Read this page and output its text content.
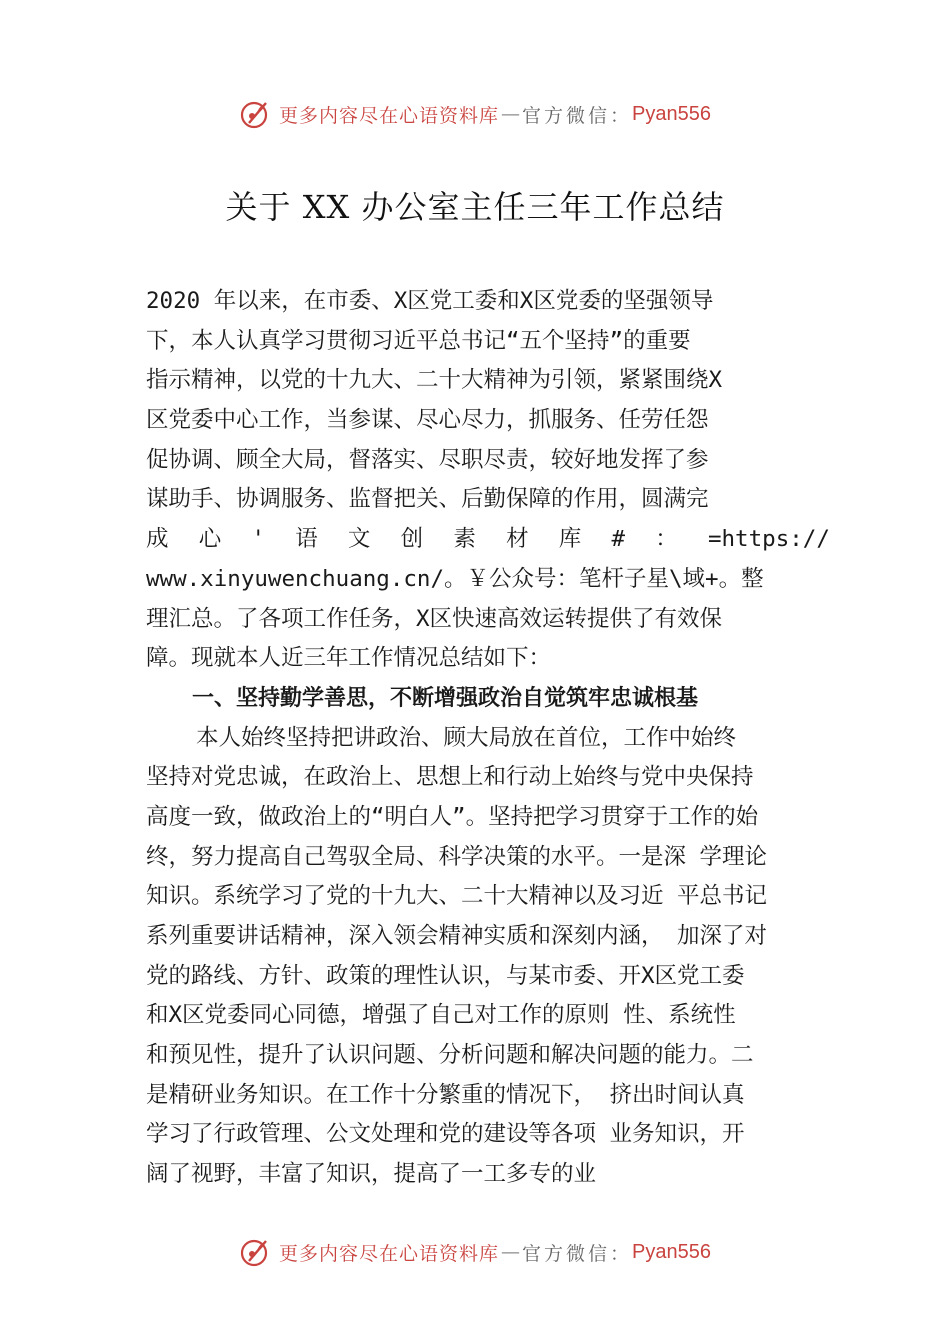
更多内容尽在心语资料库 — 官方微信： Pyan556
关于 XX 办公室主任三年工作总结
2020 年以来，在市委、X区党工委和X区党委的坚强领导
下，本人认真学习贯彻习近平总书记“五个坚持”的重要
指示精神，以党的十九大、二十大精神为引领，紧紧围绕X
区党委中心工作，当参谋、尽心尽力，抓服务、任劳任怨
促协调、顾全大局，督落实、尽职尽责，较好地发挥了参
谋助手、协调服务、监督把关、后勤保障的作用，圆满完
成 心 ' 语 文 创 素 材 库 # ： =https://
www.xinyuwenchuang.cn/。￥公众号：笔杆子星\域+。整
理汇总。了各项工作任务，X区快速高效运转提供了有效保
障。现就本人近三年工作情况总结如下：
一、坚持勤学善思，不断增强政治自觉筑牢忠诚根基
本人始终坚持把讲政治、顾大局放在首位，工作中始终
坚持对党忠诚，在政治上、思想上和行动上始终与党中央保持
高度一致，做政治上的“明白人”。坚持把学习贯穿于工作的始
终，努力提高自己驾驭全局、科学决策的水平。一是深 学理论
知识。系统学习了党的十九大、二十大精神以及习近 平总书记
系列重要讲话精神，深入领会精神实质和深刻内涵， 加深了对
党的路线、方针、政策的理性认识，与某市委、开X区党工委
和X区党委同心同德，增强了自己对工作的原则 性、系统性
和预见性，提升了认识问题、分析问题和解决问题的能力。二
是精研业务知识。在工作十分繁重的情况下， 挤出时间认真
学习了行政管理、公文处理和党的建设等各项 业务知识，开
阔了视野，丰富了知识，提高了一工多专的业
更多内容尽在心语资料库 — 官方微信： Pyan556
